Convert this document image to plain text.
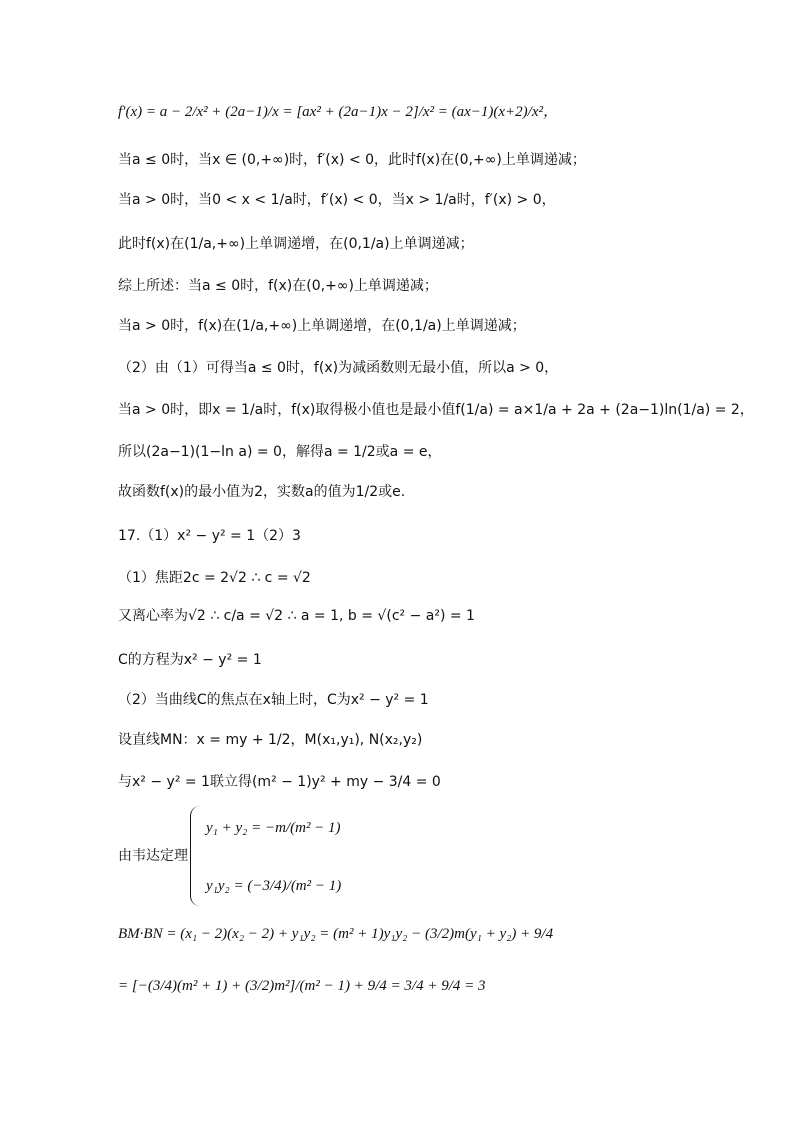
f′(x) = a − 2/x² + (2a−1)/x = [ax² + (2a−1)x − 2]/x² = (ax−1)(x+2)/x²，
当a ≤ 0时，当x ∈ (0,+∞)时，f′(x) < 0，此时f(x)在(0,+∞)上单调递减；
当a > 0时，当0 < x < 1/a时，f′(x) < 0，当x > 1/a时，f′(x) > 0，
此时f(x)在(1/a,+∞)上单调递增，在(0,1/a)上单调递减；
综上所述：当a ≤ 0时，f(x)在(0,+∞)上单调递减；
当a > 0时，f(x)在(1/a,+∞)上单调递增，在(0,1/a)上单调递减；
（2）由（1）可得当a ≤ 0时，f(x)为减函数则无最小值，所以a > 0，
当a > 0时，即x = 1/a时，f(x)取得极小值也是最小值f(1/a) = a×1/a + 2a + (2a−1)ln(1/a) = 2，
所以(2a−1)(1−ln a) = 0，解得a = 1/2或a = e，
故函数f(x)的最小值为2，实数a的值为1/2或e.
17.（1）x² − y² = 1（2）3
（1）焦距2c = 2√2 ∴ c = √2
又离心率为√2 ∴ c/a = √2 ∴ a = 1, b = √(c² − a²) = 1
C的方程为x² − y² = 1
（2）当曲线C的焦点在x轴上时，C为x² − y² = 1
设直线MN：x = my + 1/2，M(x₁,y₁), N(x₂,y₂)
与x² − y² = 1联立得(m² − 1)y² + my − 3/4 = 0
y₁ + y₂ = −m/(m² − 1)
由韦达定理
y₁y₂ = (−3/4)/(m² − 1)
BM·BN = (x₁ − 2)(x₂ − 2) + y₁y₂ = (m² + 1)y₁y₂ − (3/2)m(y₁ + y₂) + 9/4
= [−(3/4)(m² + 1) + (3/2)m²]/(m² − 1) + 9/4 = 3/4 + 9/4 = 3
